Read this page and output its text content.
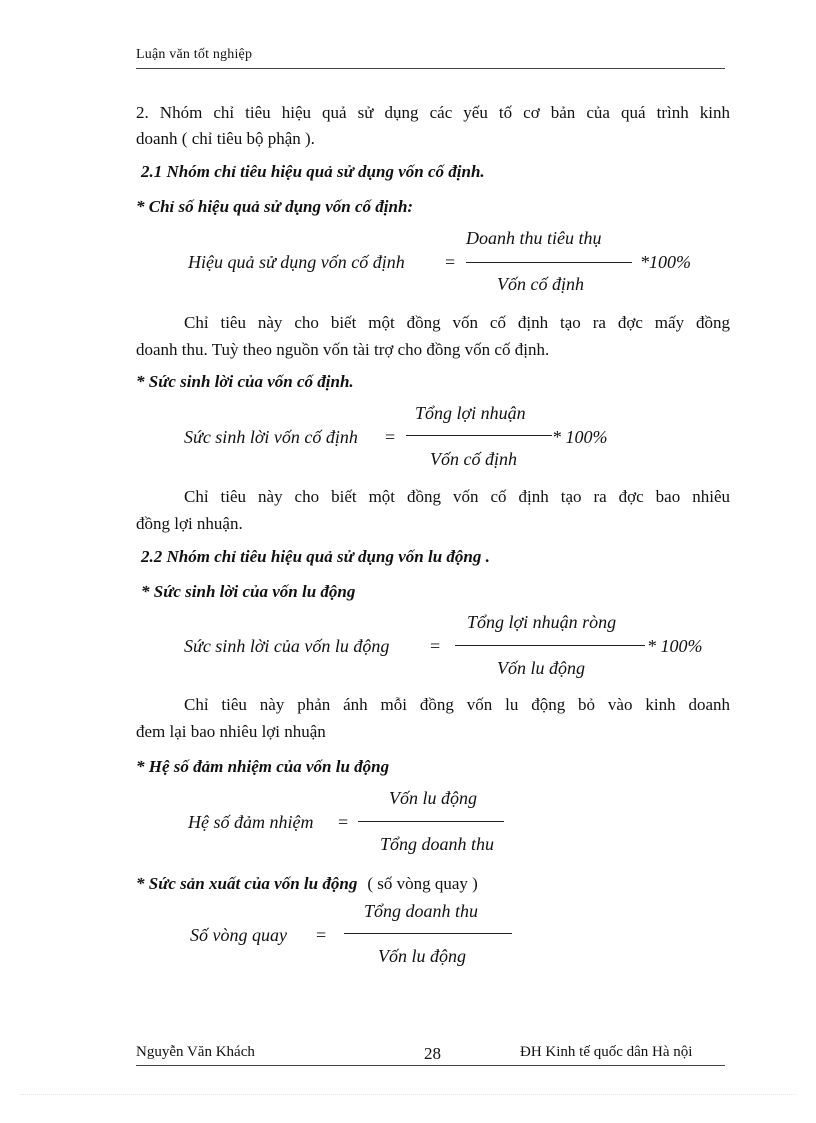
Luận văn tốt nghiệp
2. Nhóm chỉ tiêu hiệu quả sử dụng các yếu tố cơ bản của quá trình kinh
doanh ( chỉ tiêu bộ phận ).
2.1 Nhóm chỉ tiêu hiệu quả sử dụng vốn cố định.
* Chỉ số hiệu quả sử dụng vốn cố định:
Doanh thu tiêu thụ
Hiệu quả sử dụng vốn cố định =	*100%
Vốn cố định
Chỉ tiêu này cho biết một đồng vốn cố định tạo ra đợc mấy đồng
doanh thu. Tuỳ theo nguồn vốn tài trợ cho đồng vốn cố định.
* Sức sinh lời của vốn cố định.
Tổng lợi nhuận
Sức sinh lời vốn cố định =	* 100%
Vốn cố định
Chỉ tiêu này cho biết một đồng vốn cố định tạo ra đợc bao nhiêu
đồng lợi nhuận.
2.2 Nhóm chỉ tiêu hiệu quả sử dụng vốn lu động .
* Sức sinh lời của vốn lu động
Tổng lợi nhuận ròng
Sức sinh lời của vốn lu động =	* 100%
Vốn lu động
Chỉ tiêu này phản ánh mỗi đồng vốn lu động bỏ vào kinh doanh
đem lại bao nhiêu lợi nhuận
* Hệ số đảm nhiệm của vốn lu động
Vốn lu động
Hệ số đảm nhiệm =
Tổng doanh thu
* Sức sản xuất của vốn lu động ( số vòng quay )
Tổng doanh thu
Số vòng quay =
Vốn lu động
Nguyễn Văn Khách	28	ĐH Kinh tế quốc dân Hà nội
